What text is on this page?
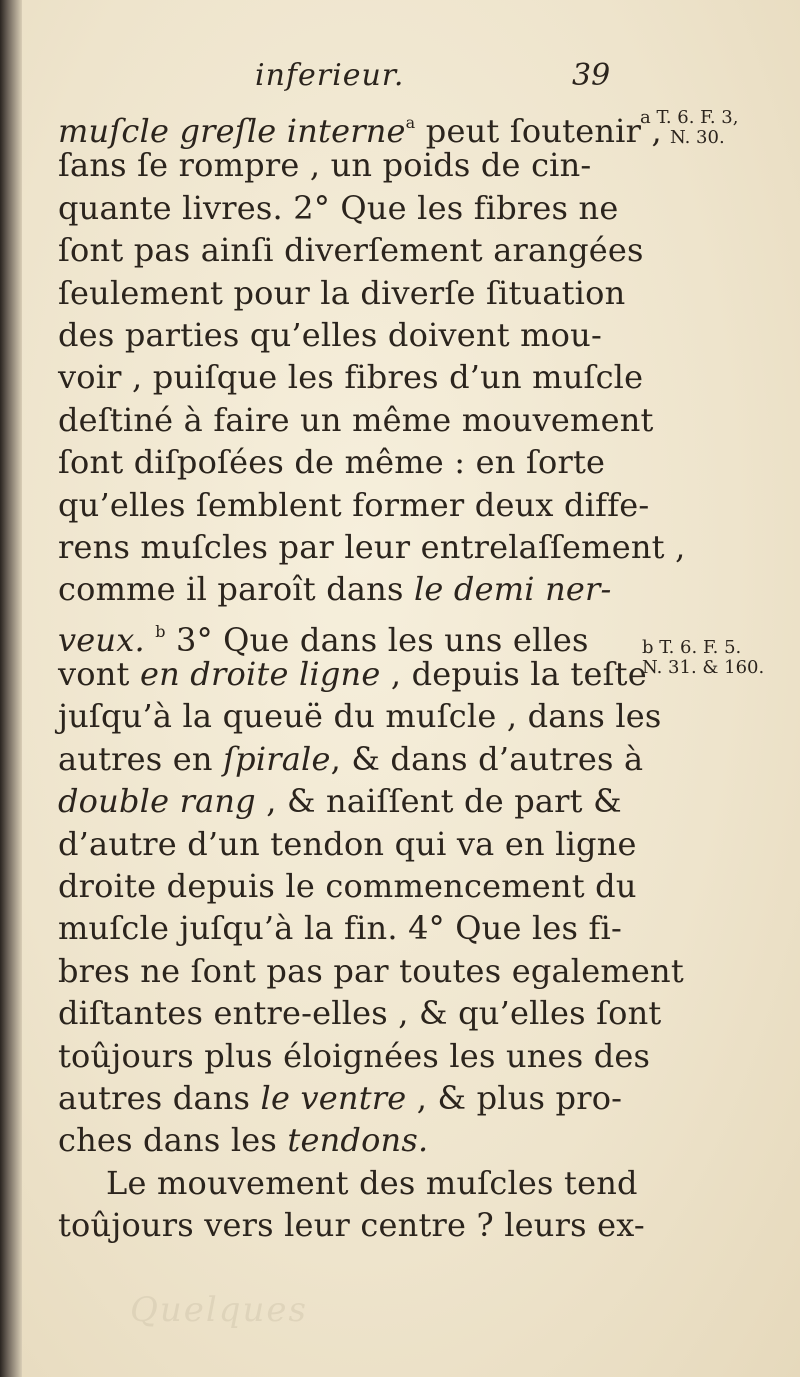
inferieur.	39
muſcle greſle interne$^a$ peut ſoutenir ,
ſans ſe rompre , un poids de cin-
quante livres. 2° Que les fibres ne
ſont pas ainſi diverſement arangées
ſeulement pour la diverſe ſituation
des parties qu’elles doivent mou-
voir , puiſque les fibres d’un muſcle
deſtiné à faire un même mouvement
ſont diſpoſées de même : en ſorte
qu’elles ſemblent former deux diffe-
rens muſcles par leur entrelaſſement ,
comme il paroît dans le demi ner-
veux. $^b$ 3° Que dans les uns elles
vont en droite ligne , depuis la teſte
juſqu’à la queuë du muſcle , dans les
autres en ſpirale, & dans d’autres à
double rang , & naiſſent de part &
d’autre d’un tendon qui va en ligne
droite depuis le commencement du
muſcle juſqu’à la fin. 4° Que les fi-
bres ne ſont pas par toutes egalement
diſtantes entre-elles , & qu’elles ſont
toûjours plus éloignées les unes des
autres dans le ventre , & plus pro-
ches dans les tendons.
Le mouvement des muſcles tend
toûjours vers leur centre ? leurs ex-
a T. 6. F. 3,
N. 30.
b T. 6. F. 5.
N. 31. & 160.
Quelques
